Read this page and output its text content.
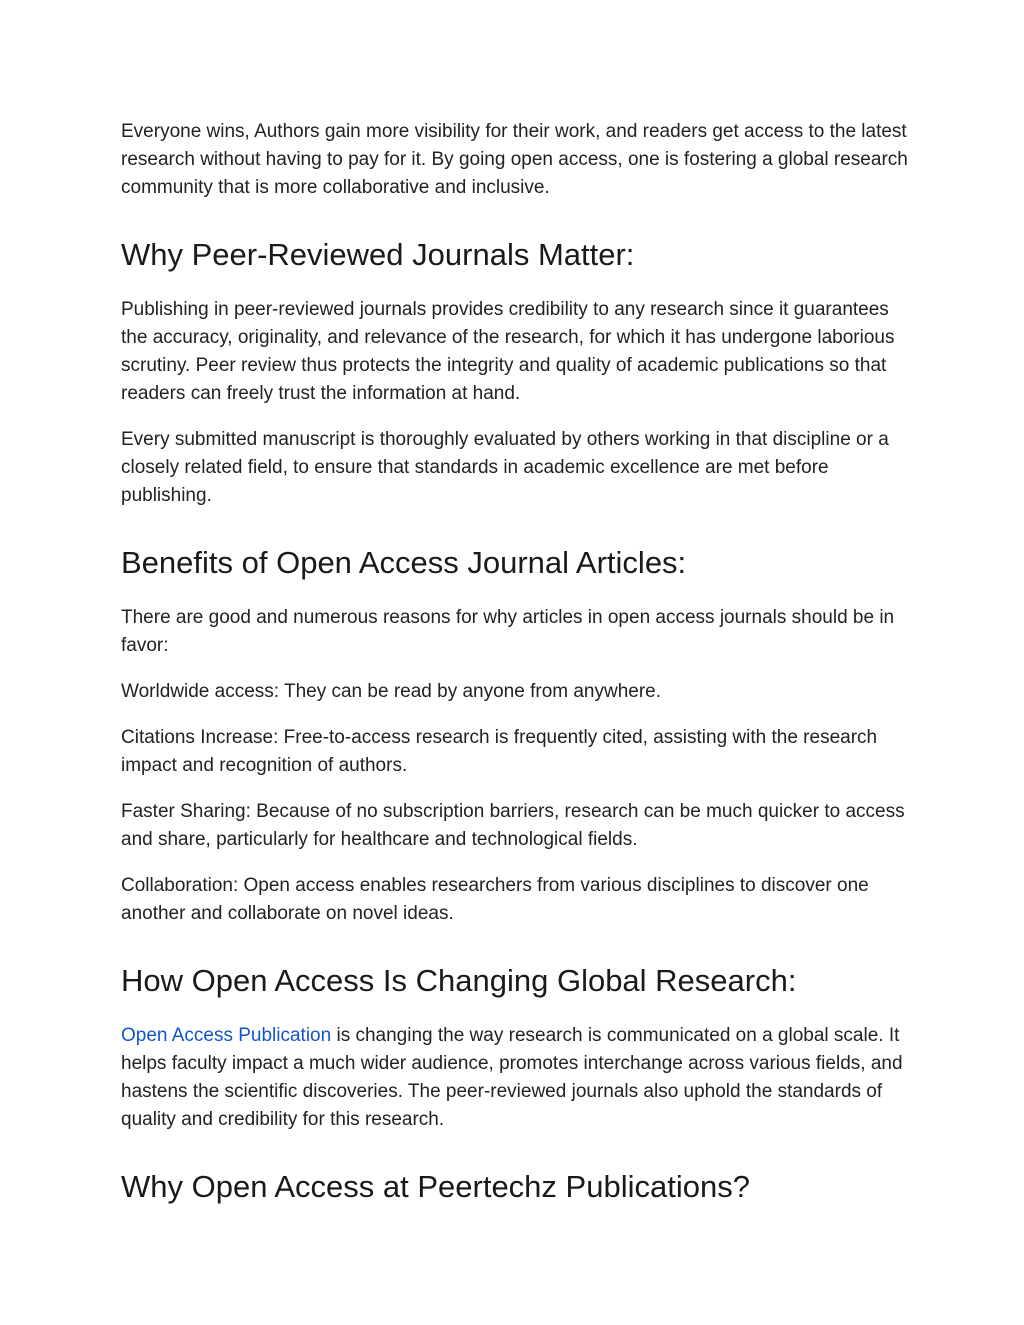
Everyone wins, Authors gain more visibility for their work, and readers get access to the latest research without having to pay for it. By going open access, one is fostering a global research community that is more collaborative and inclusive.

Why Peer-Reviewed Journals Matter:

Publishing in peer-reviewed journals provides credibility to any research since it guarantees the accuracy, originality, and relevance of the research, for which it has undergone laborious scrutiny. Peer review thus protects the integrity and quality of academic publications so that readers can freely trust the information at hand.

Every submitted manuscript is thoroughly evaluated by others working in that discipline or a closely related field, to ensure that standards in academic excellence are met before publishing.

Benefits of Open Access Journal Articles:

There are good and numerous reasons for why articles in open access journals should be in favor:

Worldwide access: They can be read by anyone from anywhere.

Citations Increase: Free-to-access research is frequently cited, assisting with the research impact and recognition of authors.

Faster Sharing: Because of no subscription barriers, research can be much quicker to access and share, particularly for healthcare and technological fields.

Collaboration: Open access enables researchers from various disciplines to discover one another and collaborate on novel ideas.

How Open Access Is Changing Global Research:

Open Access Publication is changing the way research is communicated on a global scale. It helps faculty impact a much wider audience, promotes interchange across various fields, and hastens the scientific discoveries. The peer-reviewed journals also uphold the standards of quality and credibility for this research.

Why Open Access at Peertechz Publications?
